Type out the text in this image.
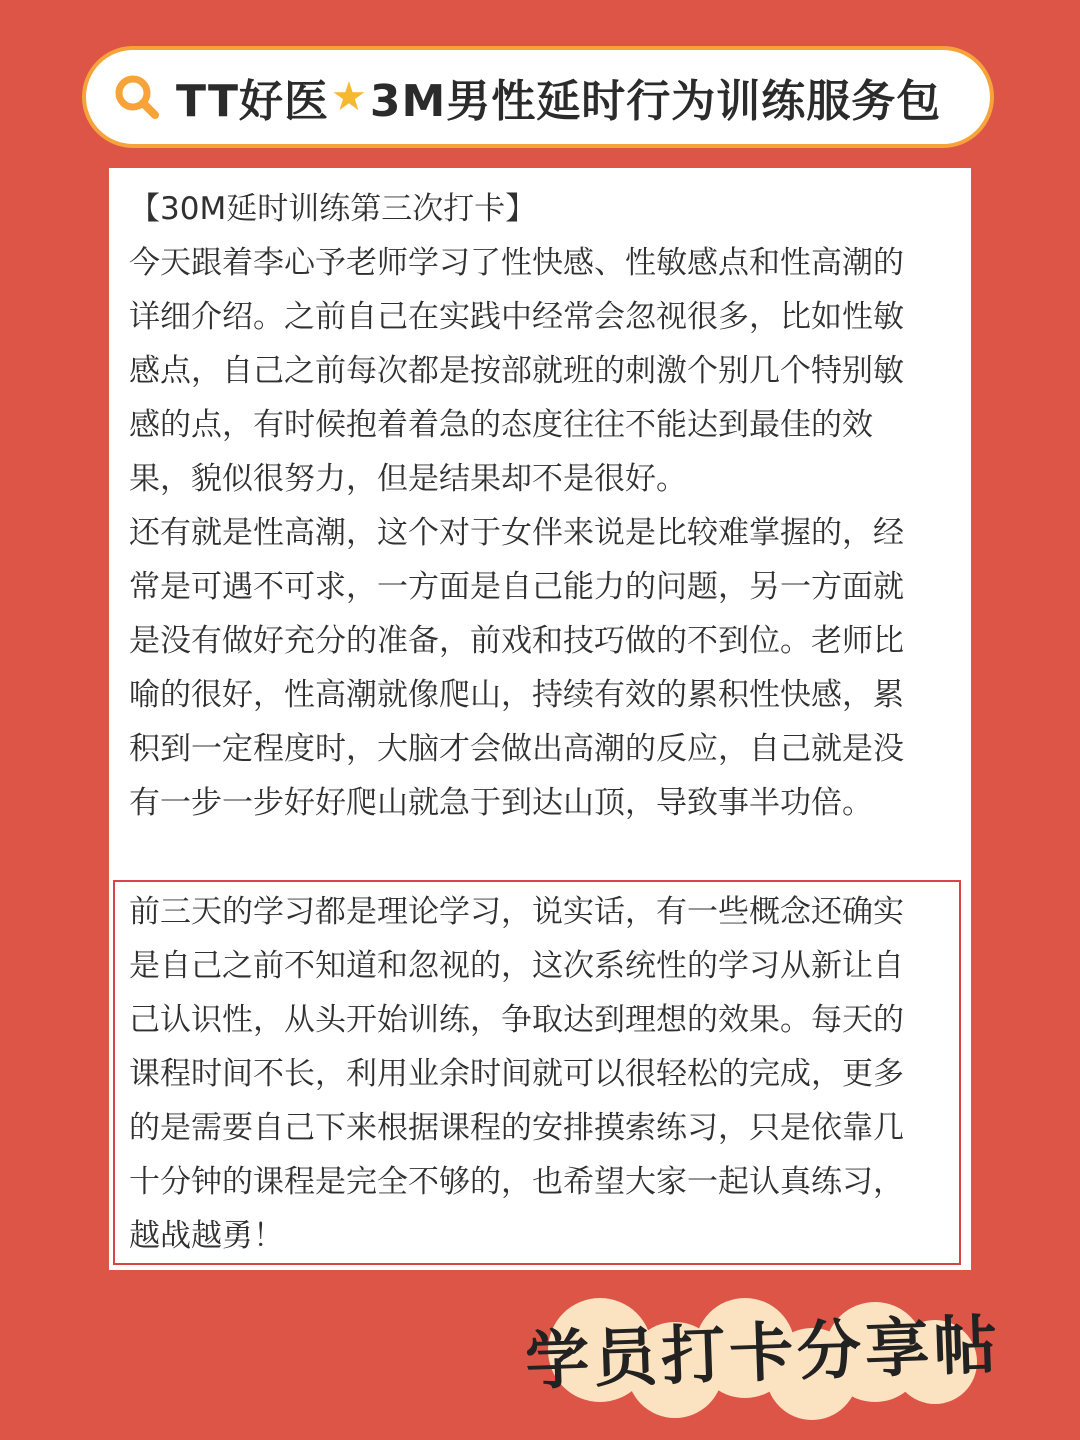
TT好医 ★ 3M男性延时行为训练服务包

【30M延时训练第三次打卡】

今天跟着李心予老师学习了性快感、性敏感点和性高潮的详细介绍。之前自己在实践中经常会忽视很多，比如性敏感点，自己之前每次都是按部就班的刺激个别几个特别敏感的点，有时候抱着着急的态度往往不能达到最佳的效果，貌似很努力，但是结果却不是很好。

还有就是性高潮，这个对于女伴来说是比较难掌握的，经常是可遇不可求，一方面是自己能力的问题，另一方面就是没有做好充分的准备，前戏和技巧做的不到位。老师比喻的很好，性高潮就像爬山，持续有效的累积性快感，累积到一定程度时，大脑才会做出高潮的反应，自己就是没有一步一步好好爬山就急于到达山顶，导致事半功倍。

前三天的学习都是理论学习，说实话，有一些概念还确实是自己之前不知道和忽视的，这次系统性的学习从新让自己认识性，从头开始训练，争取达到理想的效果。每天的课程时间不长，利用业余时间就可以很轻松的完成，更多的是需要自己下来根据课程的安排摸索练习，只是依靠几十分钟的课程是完全不够的，也希望大家一起认真练习，越战越勇！

学员打卡分享帖
